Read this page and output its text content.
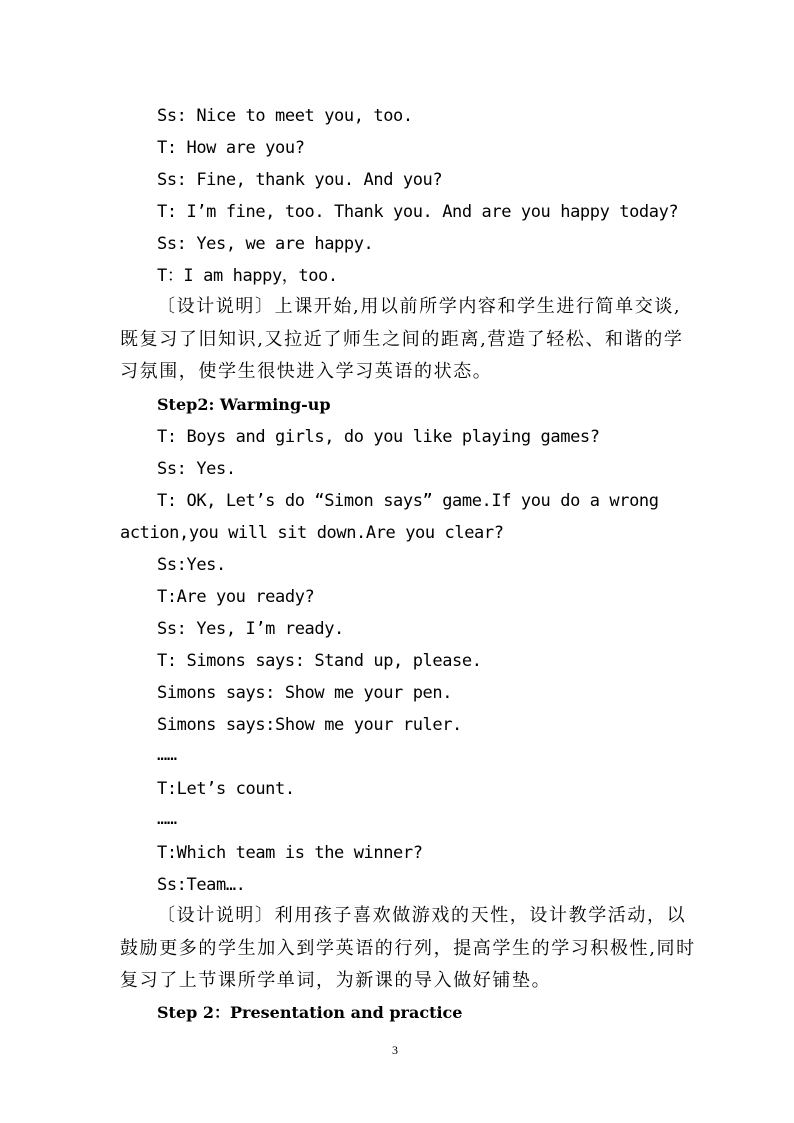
Ss: Nice to meet you, too.
T: How are you?
Ss: Fine, thank you. And you?
T: I’m fine, too. Thank you. And are you happy today?
Ss: Yes, we are happy.
T：I am happy，too.
〔设计说明〕上课开始,用以前所学内容和学生进行简单交谈,
既复习了旧知识,又拉近了师生之间的距离,营造了轻松、和谐的学
习氛围，使学生很快进入学习英语的状态。
Step2: Warming-up
T: Boys and girls, do you like playing games?
Ss: Yes.
T: OK, Let’s do “Simon says” game.If you do a wrong
action,you will sit down.Are you clear?
Ss:Yes.
T:Are you ready?
Ss: Yes, I’m ready.
T: Simons says: Stand up, please.
Simons says: Show me your pen.
Simons says:Show me your ruler.
……
T:Let’s count.
……
T:Which team is the winner?
Ss:Team….
〔设计说明〕利用孩子喜欢做游戏的天性，设计教学活动，以
鼓励更多的学生加入到学英语的行列，提高学生的学习积极性,同时
复习了上节课所学单词，为新课的导入做好铺垫。
Step 2：Presentation and practice
3
